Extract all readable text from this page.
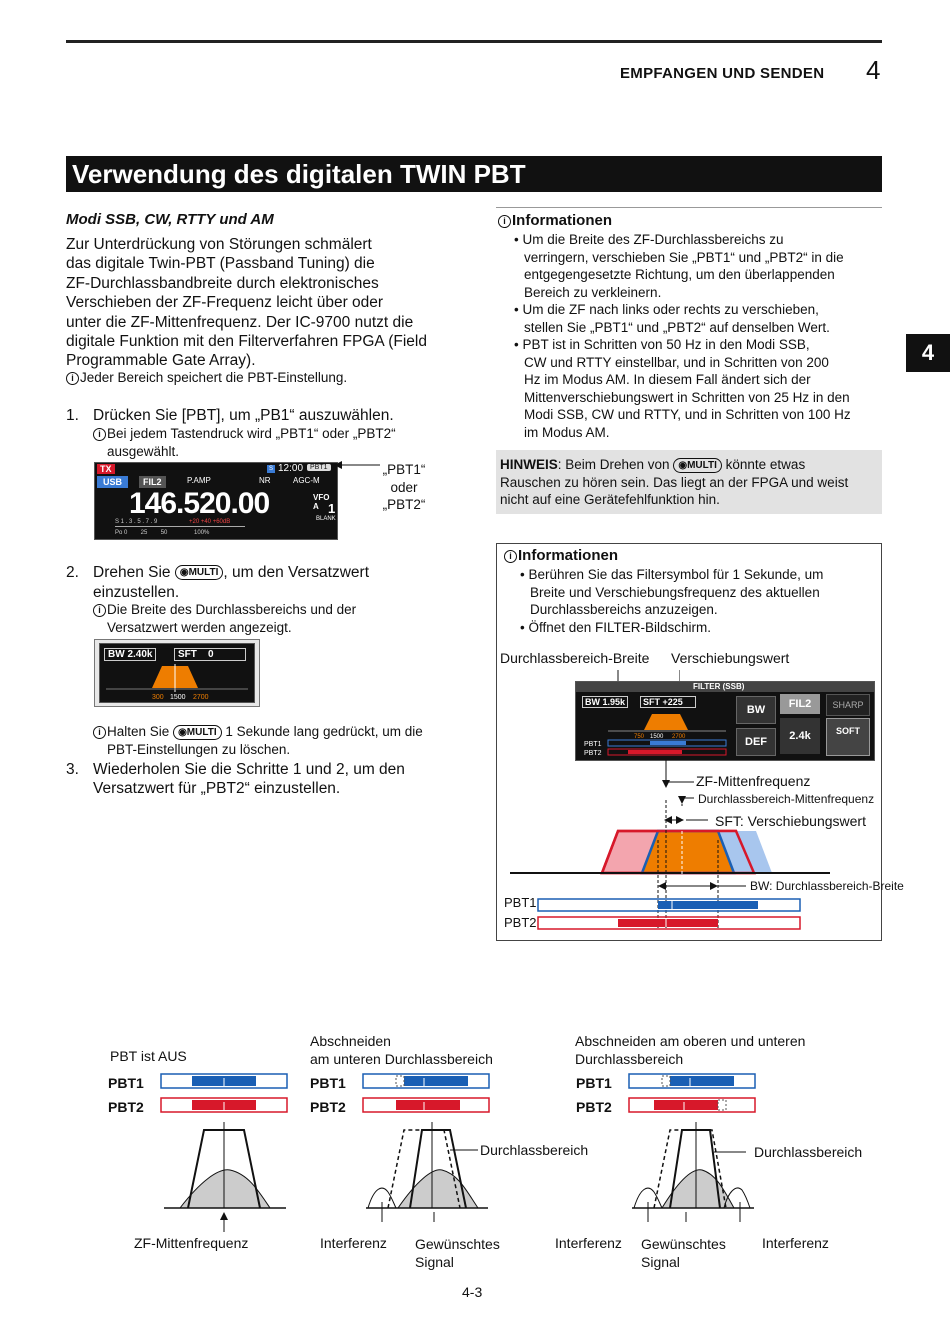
EMPFANGEN UND SENDEN 4
Verwendung des digitalen TWIN PBT
4
Modi SSB, CW, RTTY und AM
Zur Unterdrückung von Störungen schmälert
das digitale Twin-PBT (Passband Tuning) die
ZF-Durchlassbandbreite durch elektronisches
Verschieben der ZF-Frequenz leicht über oder
unter die ZF-Mittenfrequenz. Der IC-9700 nutzt die
digitale Funktion mit den Filterverfahren FPGA (Field
Programmable Gate Array).
i Jeder Bereich speichert die PBT-Einstellung.
1. Drücken Sie [PBT], um „PB1“ auszuwählen.
i Bei jedem Tastendruck wird „PBT1“ oder „PBT2“
ausgewählt.
TX	S 12:00 PBT1
USB	FIL2	P.AMP	NR	AGC-M
146.520.00	VFO A 1
BLANK
S 1 . 3 . 5 . 7 . 9	+20 +40 +60dB
Po 0        25        50                100%
„PBT1“
oder
„PBT2“
2. Drehen Sie ◉MULTI , um den Versatzwert
einzustellen.
i Die Breite des Durchlassbereichs und der
Versatzwert werden angezeigt.
BW 2.40k	SFT 0
300 1500 2700
i Halten Sie ◉MULTI 1 Sekunde lang gedrückt, um die
PBT-Einstellungen zu löschen.
3. Wiederholen Sie die Schritte 1 und 2, um den
Versatzwert für „PBT2“ einzustellen.
i Informationen
• Um die Breite des ZF-Durchlassbereichs zu
verringern, verschieben Sie „PBT1“ und „PBT2“ in die
entgegengesetzte Richtung, um den überlappenden
Bereich zu verkleinern.
• Um die ZF nach links oder rechts zu verschieben,
stellen Sie „PBT1“ und „PBT2“ auf denselben Wert.
• PBT ist in Schritten von 50 Hz in den Modi SSB,
CW und RTTY einstellbar, und in Schritten von 200
Hz im Modus AM. In diesem Fall ändert sich der
Mittenverschiebungswert in Schritten von 25 Hz in den
Modi SSB, CW und RTTY, und in Schritten von 100 Hz
im Modus AM.
HINWEIS: Beim Drehen von ◉MULTI könnte etwas
Rauschen zu hören sein. Das liegt an der FPGA und weist
nicht auf eine Gerätefehlfunktion hin.
i Informationen
• Berühren Sie das Filtersymbol für 1 Sekunde, um
Breite und Verschiebungsfrequenz des aktuellen
Durchlassbereichs anzuzeigen.
• Öffnet den FILTER-Bildschirm.
Durchlassbereich-Breite Verschiebungswert
FILTER (SSB)
BW 1.95k	SFT +225
750 1500 2700
PBT1
PBT2
BW	FIL2	SHARP
DEF	2.4k	SOFT
ZF-Mittenfrequenz
Durchlassbereich-Mittenfrequenz
SFT: Verschiebungswert
BW: Durchlassbereich-Breite
PBT1
PBT2
PBT ist AUS
Abschneiden
am unteren Durchlassbereich
Abschneiden am oberen und unteren
Durchlassbereich
PBT1
PBT2
PBT1
PBT2
PBT1
PBT2
Durchlassbereich	Durchlassbereich
ZF-Mittenfrequenz	Interferenz Gewünschtes
Signal
Interferenz Gewünschtes
Signal
Interferenz
4-3
